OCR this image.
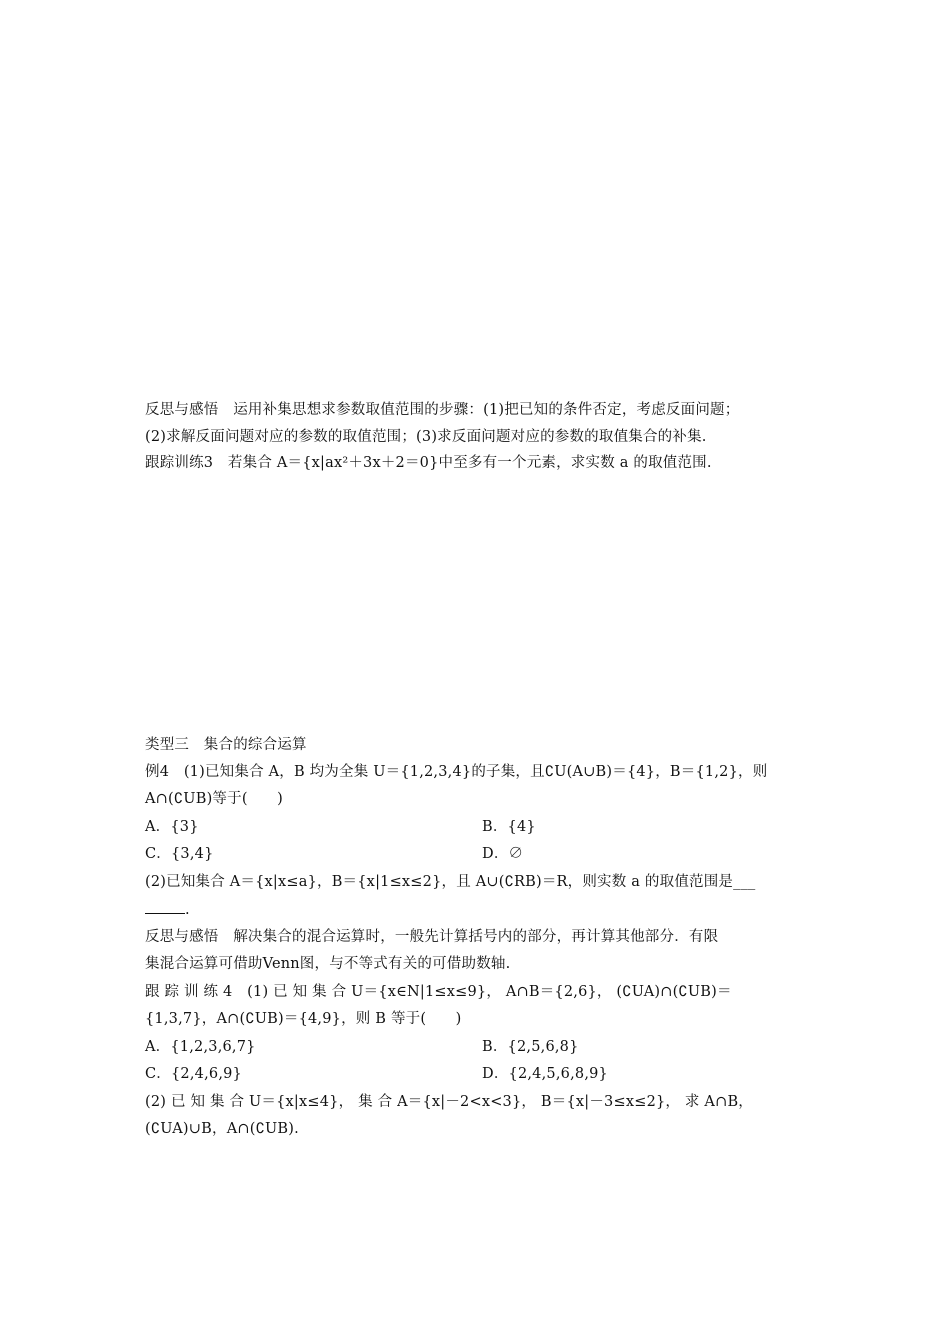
反思与感悟　运用补集思想求参数取值范围的步骤：(1)把已知的条件否定，考虑反面问题；
(2)求解反面问题对应的参数的取值范围；(3)求反面问题对应的参数的取值集合的补集.
跟踪训练3　若集合 A＝{x|ax²＋3x＋2＝0}中至多有一个元素，求实数 a 的取值范围.
类型三　集合的综合运算
例4　(1)已知集合 A，B 均为全集 U＝{1,2,3,4}的子集，且∁U(A∪B)＝{4}，B＝{1,2}，则
A∩(∁UB)等于(　　)
A．{3}	B．{4}
C．{3,4}	D．∅
(2)已知集合 A＝{x|x≤a}，B＝{x|1≤x≤2}，且 A∪(∁RB)＝R，则实数 a 的取值范围是___
.
反思与感悟　解决集合的混合运算时，一般先计算括号内的部分，再计算其他部分．有限
集混合运算可借助Venn图，与不等式有关的可借助数轴.
跟 踪 训 练 4　(1) 已 知 集 合 U＝{x∈N|1≤x≤9}， A∩B＝{2,6}， (∁UA)∩(∁UB)＝
{1,3,7}，A∩(∁UB)＝{4,9}，则 B 等于(　　)
A．{1,2,3,6,7}	B．{2,5,6,8}
C．{2,4,6,9}	D．{2,4,5,6,8,9}
(2) 已 知 集 合 U＝{x|x≤4}， 集 合 A＝{x|－2<x<3}， B＝{x|－3≤x≤2}， 求 A∩B，
(∁UA)∪B，A∩(∁UB).
